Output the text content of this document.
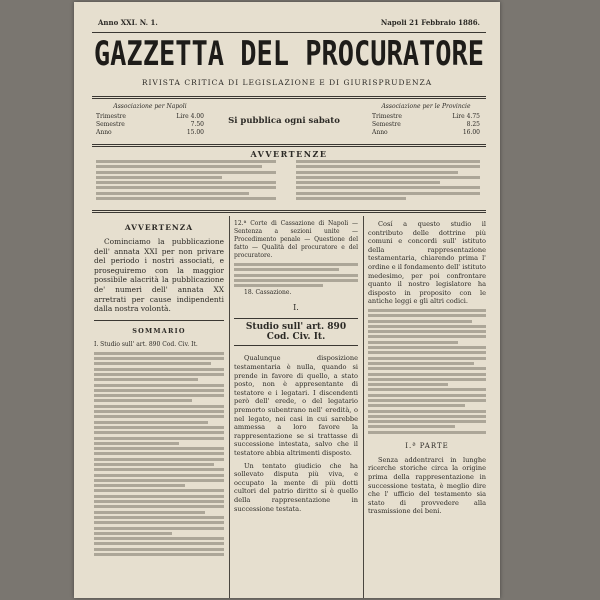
Anno XXI. N. 1.	Napoli 21 Febbraio 1886.
GAZZETTA DEL PROCURATORE
RIVISTA CRITICA DI LEGISLAZIONE E DI GIURISPRUDENZA
Associazione per Napoli
Trimestre	Lire 4.00
Semestre	7.50
Anno	15.00
Si pubblica ogni sabato
Associazione per le Provincie
Trimestre	Lire 4.75
Semestre	8.25
Anno	16.00
AVVERTENZE
AVVERTENZA
Cominciamo la pubblicazione dell' annata XXI per non privare del periodo i nostri associati, e proseguiremo con la maggior possibile alacrità la pubblicazione de' numeri dell' annata XX arretrati per cause indipendenti dalla nostra volontà.
SOMMARIO
I. Studio sull' art. 890 Cod. Civ. It.
12.ª Corte di Cassazione di Napoli — Sentenza a sezioni unite — Procedimento penale — Questione del fatto — Qualità del procuratore e del procuratore.
18. Cassazione.
I.
Studio sull' art. 890 Cod. Civ. It.
Qualunque disposizione testamentaria è nulla, quando si prende in favore di quello, a stato posto, non è appresentante di testatore e i legatari. I discendenti però dell' erede, o del legatario premorto subentrano nell' eredità, o nel legato, nei casi in cui sarebbe ammessa a loro favore la rappresentazione se si trattasse di successione intestata, salvo che il testatore abbia altrimenti disposto.
Un tentato giudicio che ha sollevato disputa più viva, e occupato la mente di più dotti cultori del patrio diritto si è quello della rappresentazione in successione testata.
Cosí a questo studio il contributo delle dottrine più comuni e concordi sull' istituto della rappresentazione testamentaria, chiarendo prima l' ordine e il fondamento dell' istituto medesimo, per poi confrontare quanto il nostro legislatore ha disposto in proposito con le antiche leggi e gli altri codici.
I.ª PARTE
Senza addentrarci in lunghe ricerche storiche circa la origine prima della rappresentazione in successione testata, è meglio dire che l' ufficio del testamento sia stato di provvedere alla trasmissione dei beni.
